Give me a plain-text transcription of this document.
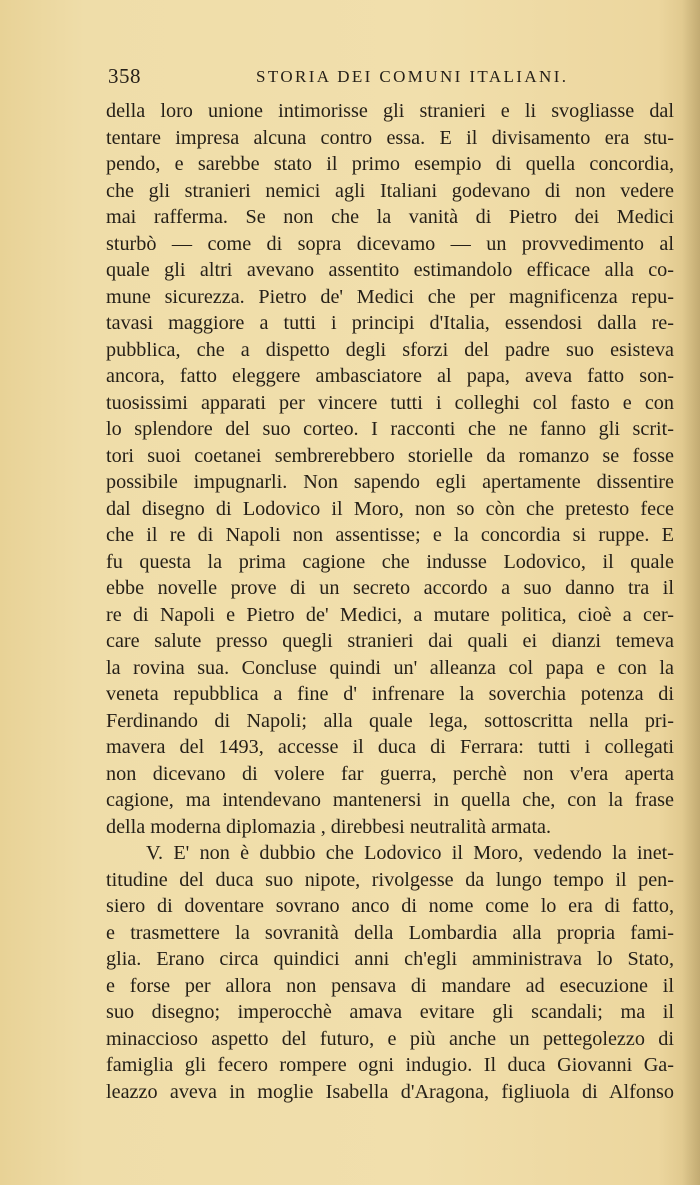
358	STORIA DEI COMUNI ITALIANI.
della loro unione intimorisse gli stranieri e li svogliasse dal
tentare impresa alcuna contro essa. E il divisamento era stu-
pendo, e sarebbe stato il primo esempio di quella concordia,
che gli stranieri nemici agli Italiani godevano di non vedere
mai rafferma. Se non che la vanità di Pietro dei Medici
sturbò — come di sopra dicevamo — un provvedimento al
quale gli altri avevano assentito estimandolo efficace alla co-
mune sicurezza. Pietro de' Medici che per magnificenza repu-
tavasi maggiore a tutti i principi d'Italia, essendosi dalla re-
pubblica, che a dispetto degli sforzi del padre suo esisteva
ancora, fatto eleggere ambasciatore al papa, aveva fatto son-
tuosissimi apparati per vincere tutti i colleghi col fasto e con
lo splendore del suo corteo. I racconti che ne fanno gli scrit-
tori suoi coetanei sembrerebbero storielle da romanzo se fosse
possibile impugnarli. Non sapendo egli apertamente dissentire
dal disegno di Lodovico il Moro, non so còn che pretesto fece
che il re di Napoli non assentisse; e la concordia si ruppe. E
fu questa la prima cagione che indusse Lodovico, il quale
ebbe novelle prove di un secreto accordo a suo danno tra il
re di Napoli e Pietro de' Medici, a mutare politica, cioè a cer-
care salute presso quegli stranieri dai quali ei dianzi temeva
la rovina sua. Concluse quindi un' alleanza col papa e con la
veneta repubblica a fine d' infrenare la soverchia potenza di
Ferdinando di Napoli; alla quale lega, sottoscritta nella pri-
mavera del 1493, accesse il duca di Ferrara: tutti i collegati
non dicevano di volere far guerra, perchè non v'era aperta
cagione, ma intendevano mantenersi in quella che, con la frase
della moderna diplomazia , direbbesi neutralità armata.
V. E' non è dubbio che Lodovico il Moro, vedendo la inet-
titudine del duca suo nipote, rivolgesse da lungo tempo il pen-
siero di doventare sovrano anco di nome come lo era di fatto,
e trasmettere la sovranità della Lombardia alla propria fami-
glia. Erano circa quindici anni ch'egli amministrava lo Stato,
e forse per allora non pensava di mandare ad esecuzione il
suo disegno; imperocchè amava evitare gli scandali; ma il
minaccioso aspetto del futuro, e più anche un pettegolezzo di
famiglia gli fecero rompere ogni indugio. Il duca Giovanni Ga-
leazzo aveva in moglie Isabella d'Aragona, figliuola di Alfonso
